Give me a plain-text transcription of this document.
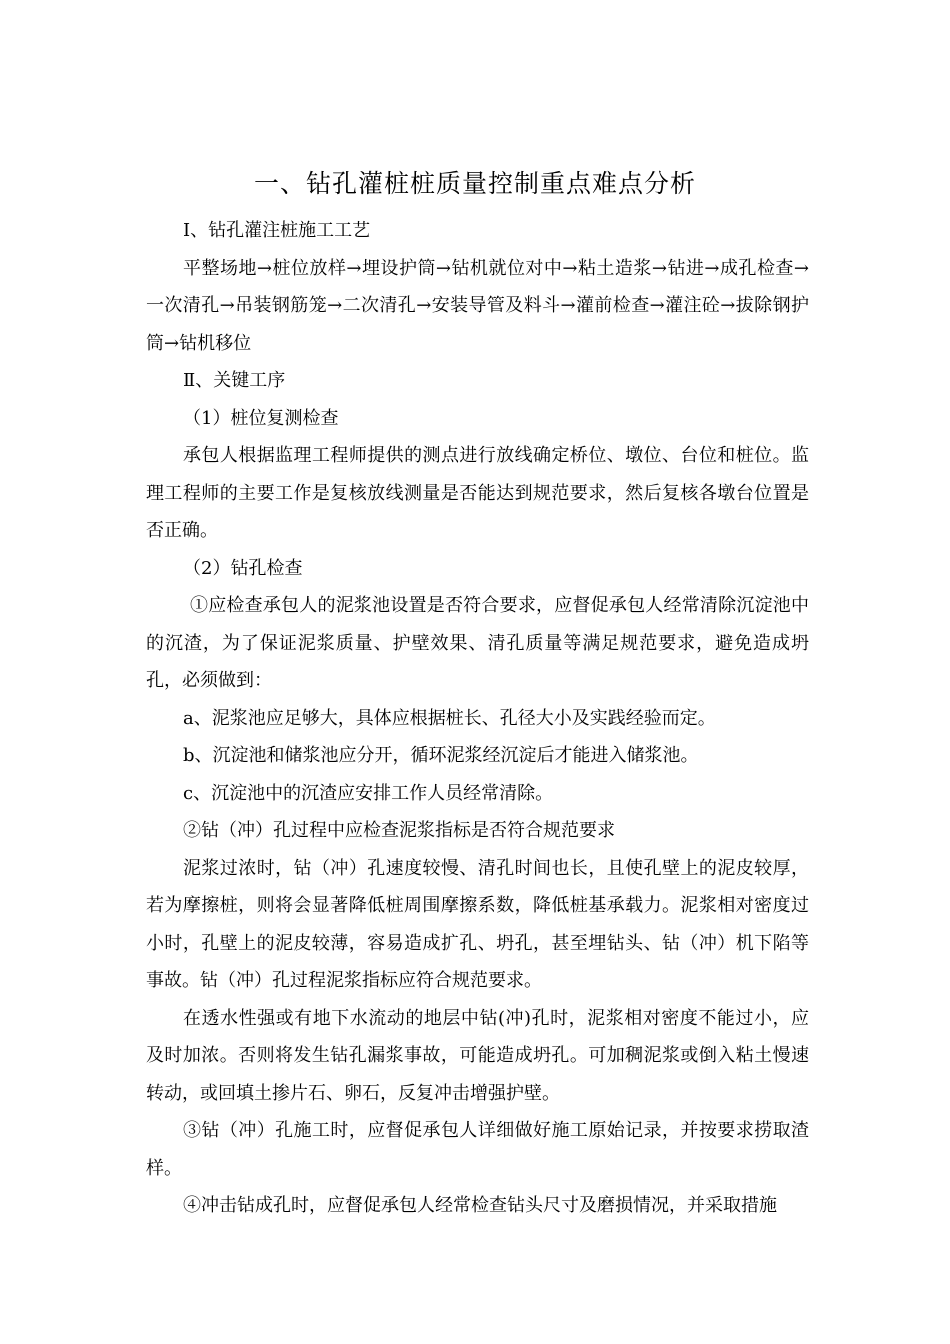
一、钻孔灌桩桩质量控制重点难点分析

Ⅰ、钻孔灌注桩施工工艺

平整场地→桩位放样→埋设护筒→钻机就位对中→粘土造浆→钻进→成孔检查→一次清孔→吊装钢筋笼→二次清孔→安装导管及料斗→灌前检查→灌注砼→拔除钢护筒→钻机移位

Ⅱ、关键工序

（1）桩位复测检查

承包人根据监理工程师提供的测点进行放线确定桥位、墩位、台位和桩位。监理工程师的主要工作是复核放线测量是否能达到规范要求，然后复核各墩台位置是否正确。

（2）钻孔检查

①应检查承包人的泥浆池设置是否符合要求，应督促承包人经常清除沉淀池中的沉渣，为了保证泥浆质量、护壁效果、清孔质量等满足规范要求，避免造成坍孔，必须做到：

a、泥浆池应足够大，具体应根据桩长、孔径大小及实践经验而定。

b、沉淀池和储浆池应分开，循环泥浆经沉淀后才能进入储浆池。

c、沉淀池中的沉渣应安排工作人员经常清除。

②钻（冲）孔过程中应检查泥浆指标是否符合规范要求

泥浆过浓时，钻（冲）孔速度较慢、清孔时间也长，且使孔壁上的泥皮较厚，若为摩擦桩，则将会显著降低桩周围摩擦系数，降低桩基承载力。泥浆相对密度过小时，孔壁上的泥皮较薄，容易造成扩孔、坍孔，甚至埋钻头、钻（冲）机下陷等事故。钻（冲）孔过程泥浆指标应符合规范要求。

在透水性强或有地下水流动的地层中钻(冲)孔时，泥浆相对密度不能过小，应及时加浓。否则将发生钻孔漏浆事故，可能造成坍孔。可加稠泥浆或倒入粘土慢速转动，或回填土掺片石、卵石，反复冲击增强护壁。

③钻（冲）孔施工时，应督促承包人详细做好施工原始记录，并按要求捞取渣样。

④冲击钻成孔时，应督促承包人经常检查钻头尺寸及磨损情况，并采取措施
